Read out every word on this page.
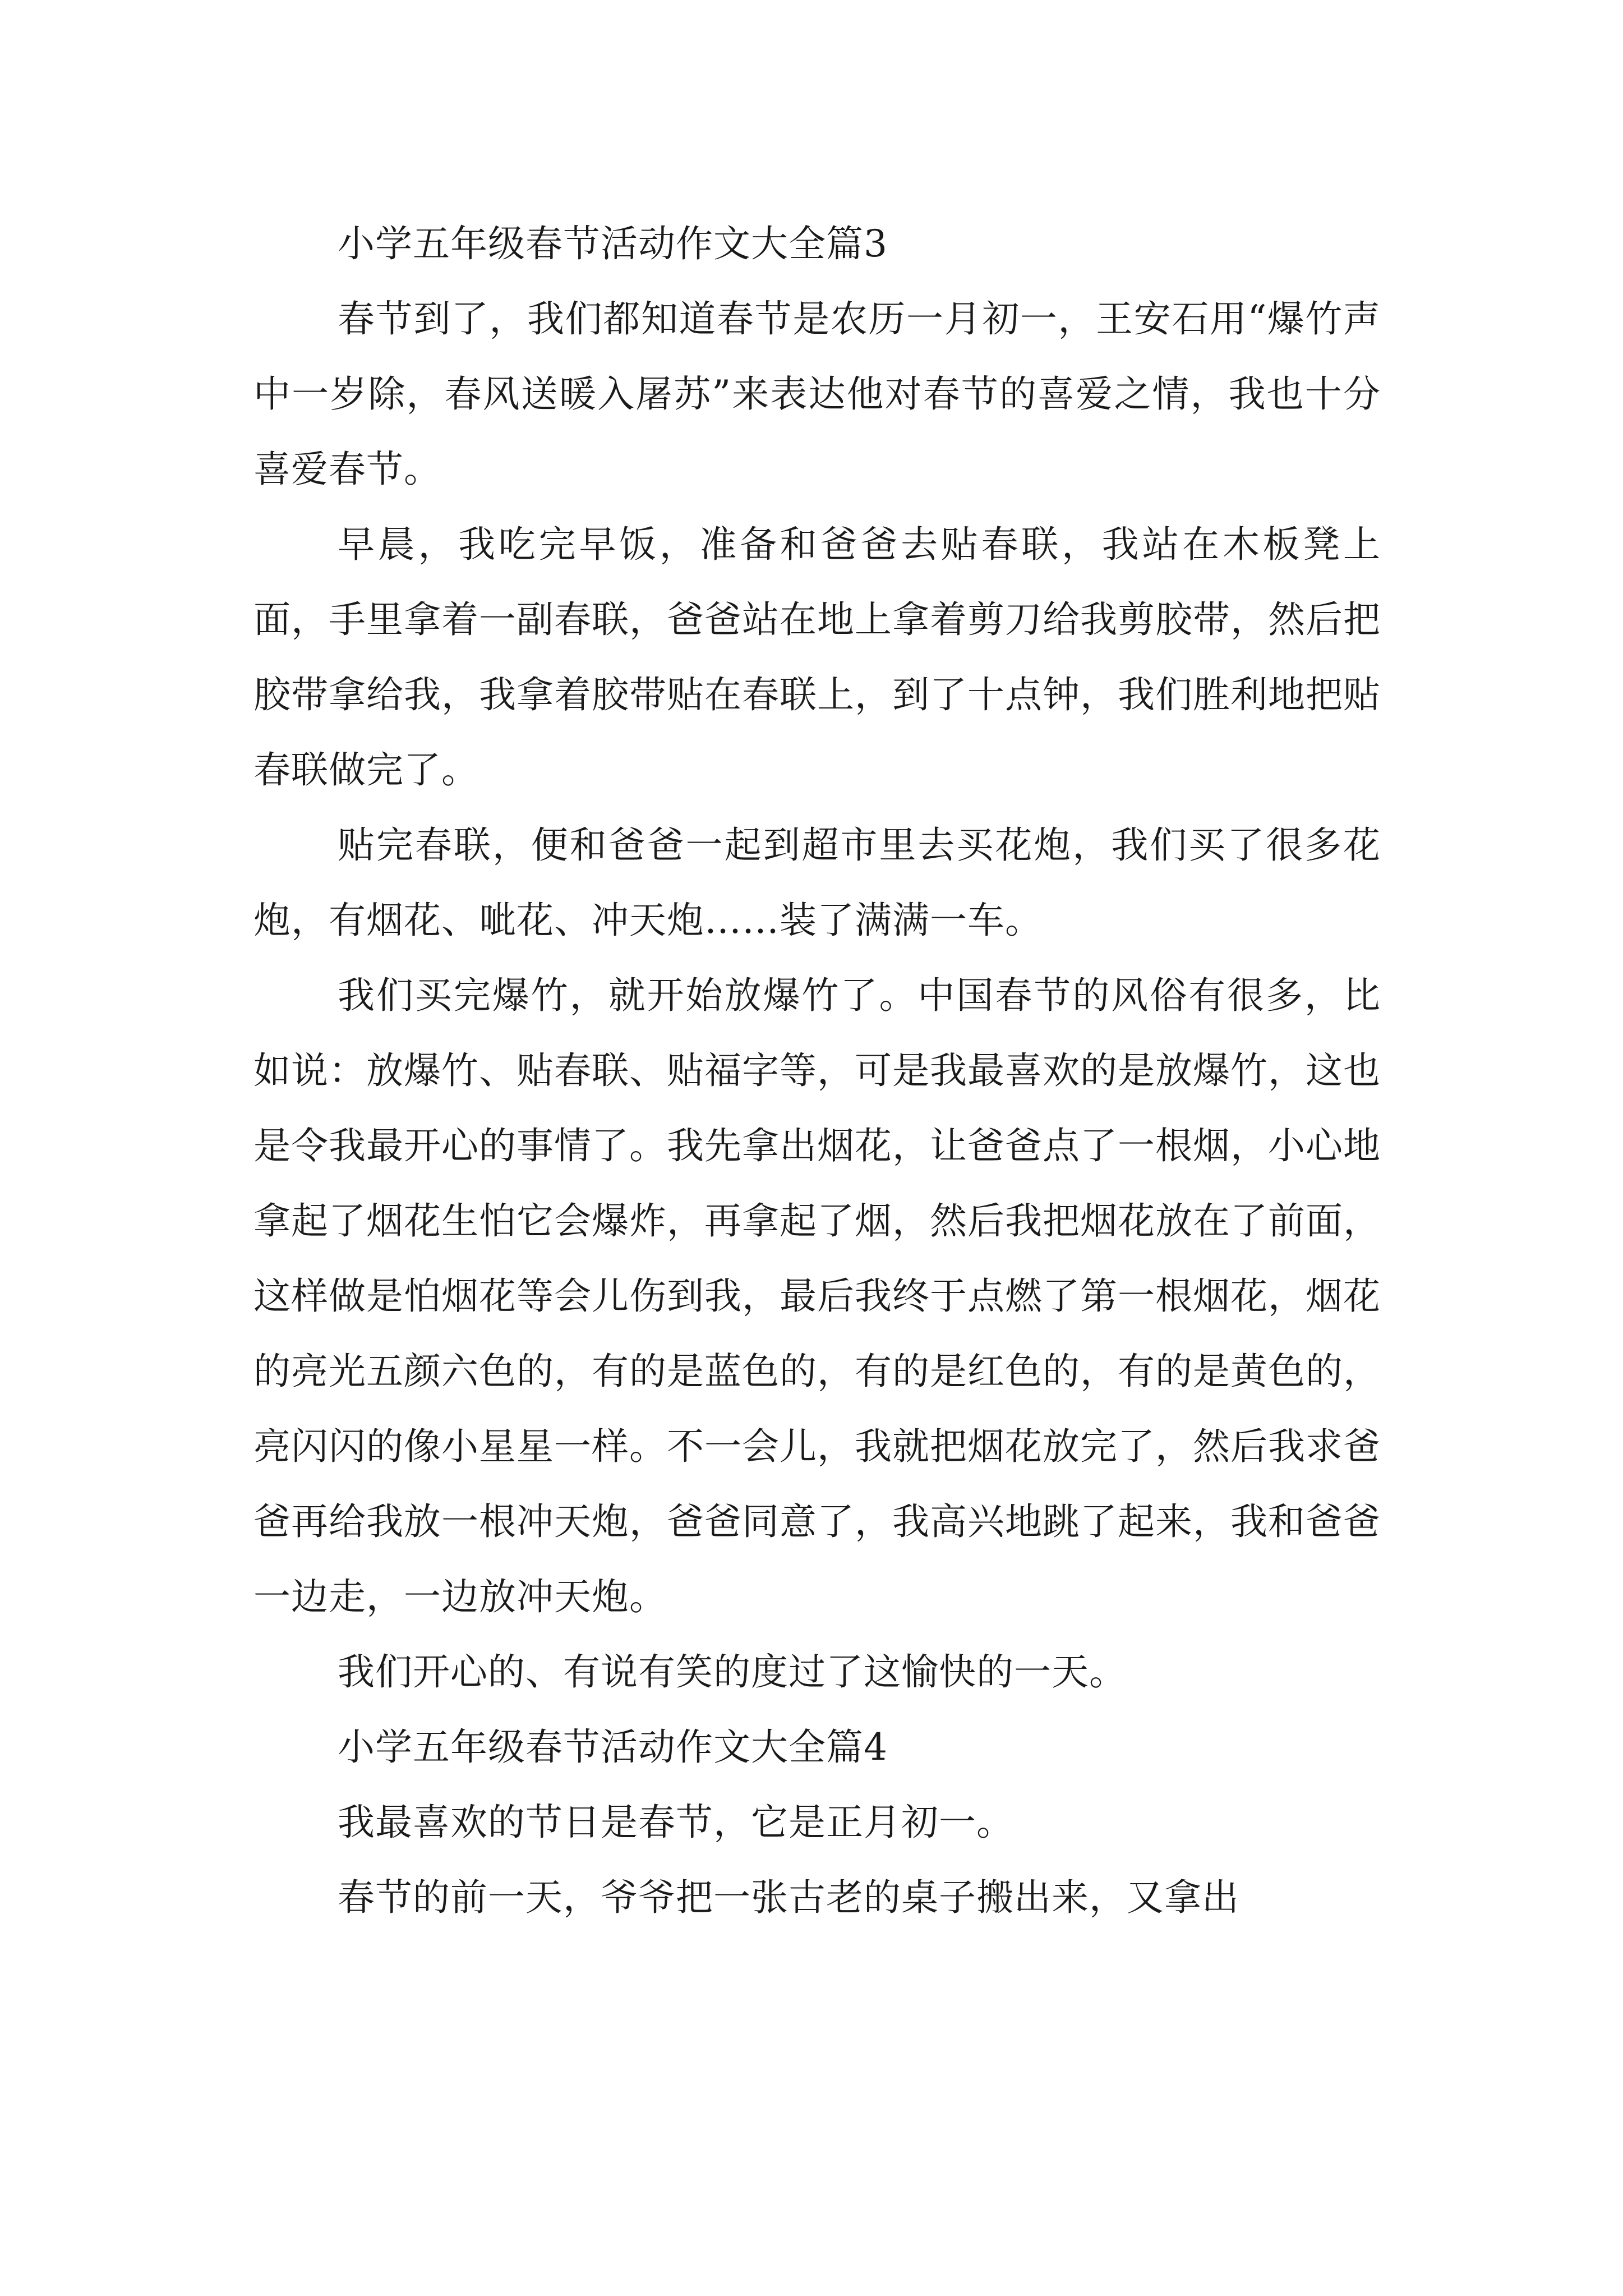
小学五年级春节活动作文大全篇3

春节到了，我们都知道春节是农历一月初一，王安石用“爆竹声中一岁除，春风送暖入屠苏”来表达他对春节的喜爱之情，我也十分喜爱春节。

早晨，我吃完早饭，准备和爸爸去贴春联，我站在木板凳上面，手里拿着一副春联，爸爸站在地上拿着剪刀给我剪胶带，然后把胶带拿给我，我拿着胶带贴在春联上，到了十点钟，我们胜利地把贴春联做完了。

贴完春联，便和爸爸一起到超市里去买花炮，我们买了很多花炮，有烟花、呲花、冲天炮……装了满满一车。

我们买完爆竹，就开始放爆竹了。中国春节的风俗有很多，比如说：放爆竹、贴春联、贴福字等，可是我最喜欢的是放爆竹，这也是令我最开心的事情了。我先拿出烟花，让爸爸点了一根烟，小心地拿起了烟花生怕它会爆炸，再拿起了烟，然后我把烟花放在了前面，这样做是怕烟花等会儿伤到我，最后我终于点燃了第一根烟花，烟花的亮光五颜六色的，有的是蓝色的，有的是红色的，有的是黄色的，亮闪闪的像小星星一样。不一会儿，我就把烟花放完了，然后我求爸爸再给我放一根冲天炮，爸爸同意了，我高兴地跳了起来，我和爸爸一边走，一边放冲天炮。

我们开心的、有说有笑的度过了这愉快的一天。

小学五年级春节活动作文大全篇4

我最喜欢的节日是春节，它是正月初一。

春节的前一天，爷爷把一张古老的桌子搬出来，又拿出
